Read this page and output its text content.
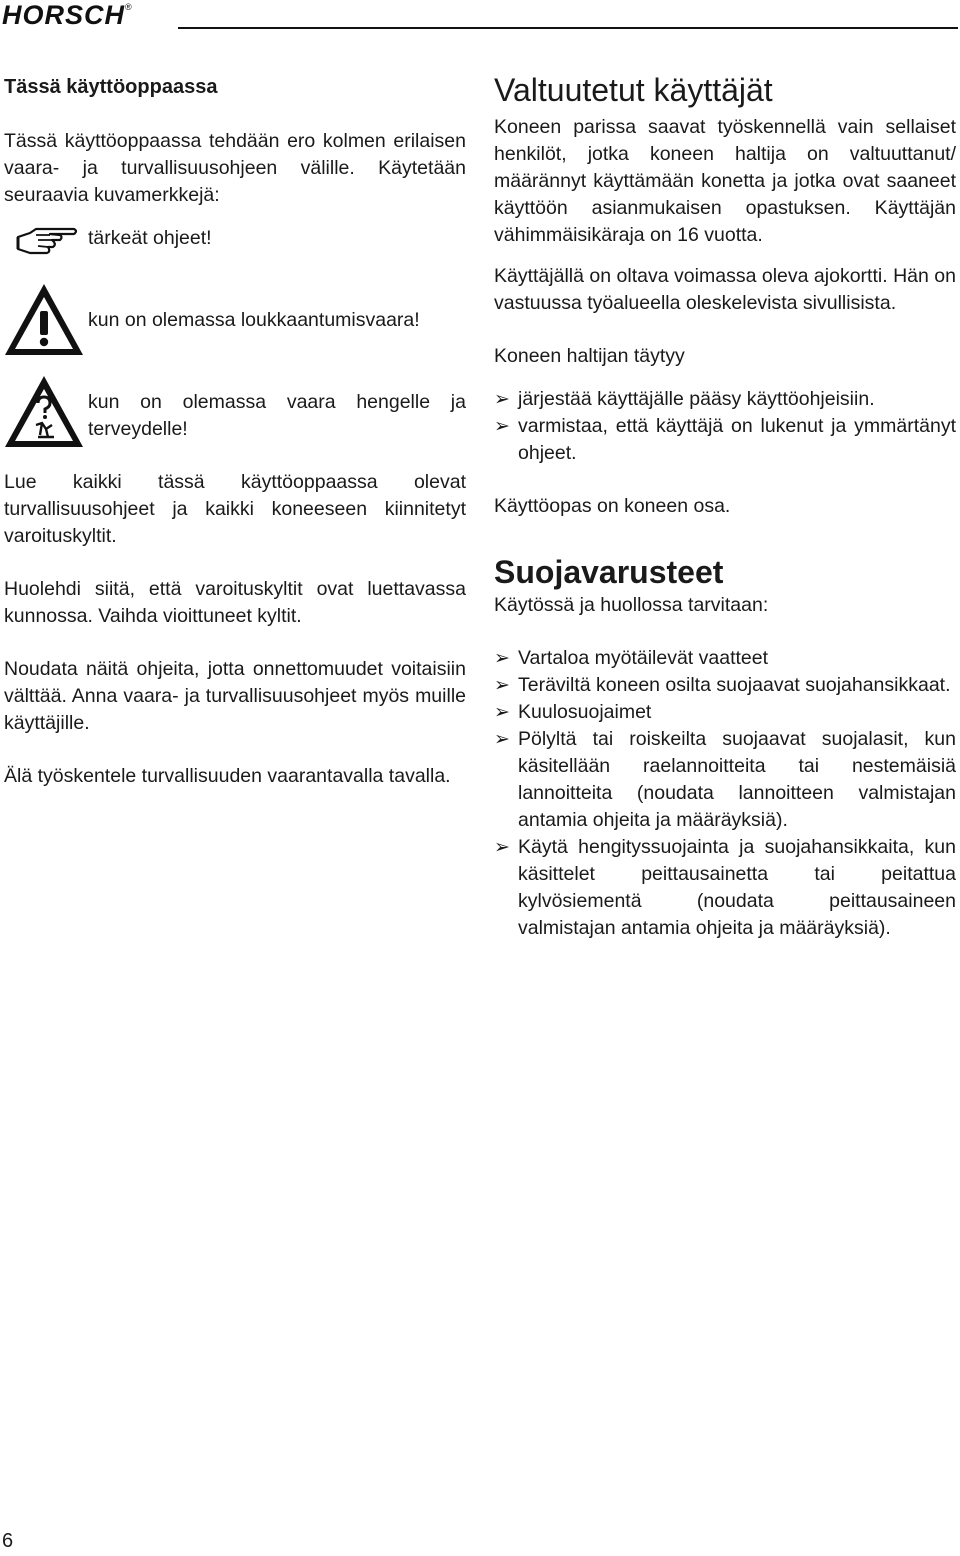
HORSCH®

Tässä käyttöoppaassa

Tässä käyttöoppaassa tehdään ero kolmen erilaisen vaara- ja turvallisuusohjeen välille. Käytetään seuraavia kuvamerkkejä:

tärkeät ohjeet!
kun on olemassa loukkaantumisvaara!
kun on olemassa vaara hengelle ja terveydelle!

Lue kaikki tässä käyttöoppaassa olevat turvallisuusohjeet ja kaikki koneeseen kiinnitetyt varoituskyltit.

Huolehdi siitä, että varoituskyltit ovat luettavassa kunnossa. Vaihda vioittuneet kyltit.

Noudata näitä ohjeita, jotta onnettomuudet voitaisiin välttää. Anna vaara- ja turvallisuusohjeet myös muille käyttäjille.

Älä työskentele turvallisuuden vaarantavalla tavalla.

Valtuutetut käyttäjät

Koneen parissa saavat työskennellä vain sellaiset henkilöt, jotka koneen haltija on valtuuttanut/ määrännyt käyttämään konetta ja jotka ovat saaneet käyttöön asianmukaisen opastuksen. Käyttäjän vähimmäisikäraja on 16 vuotta.

Käyttäjällä on oltava voimassa oleva ajokortti. Hän on vastuussa työalueella oleskelevista sivullisista.

Koneen haltijan täytyy

➢ järjestää käyttäjälle pääsy käyttöohjeisiin.
➢ varmistaa, että käyttäjä on lukenut ja ymmärtänyt ohjeet.

Käyttöopas on koneen osa.

Suojavarusteet

Käytössä ja huollossa tarvitaan:

➢ Vartaloa myötäilevät vaatteet
➢ Teräviltä koneen osilta suojaavat suojahansikkaat.
➢ Kuulosuojaimet
➢ Pölyltä tai roiskeilta suojaavat suojalasit, kun käsitellään raelannoitteita tai nestemäisiä lannoitteita (noudata lannoitteen valmistajan antamia ohjeita ja määräyksiä).
➢ Käytä hengityssuojainta ja suojahansikkaita, kun käsittelet peittausainetta tai peitattua kylvösiementä (noudata peittausaineen valmistajan antamia ohjeita ja määräyksiä).
6
